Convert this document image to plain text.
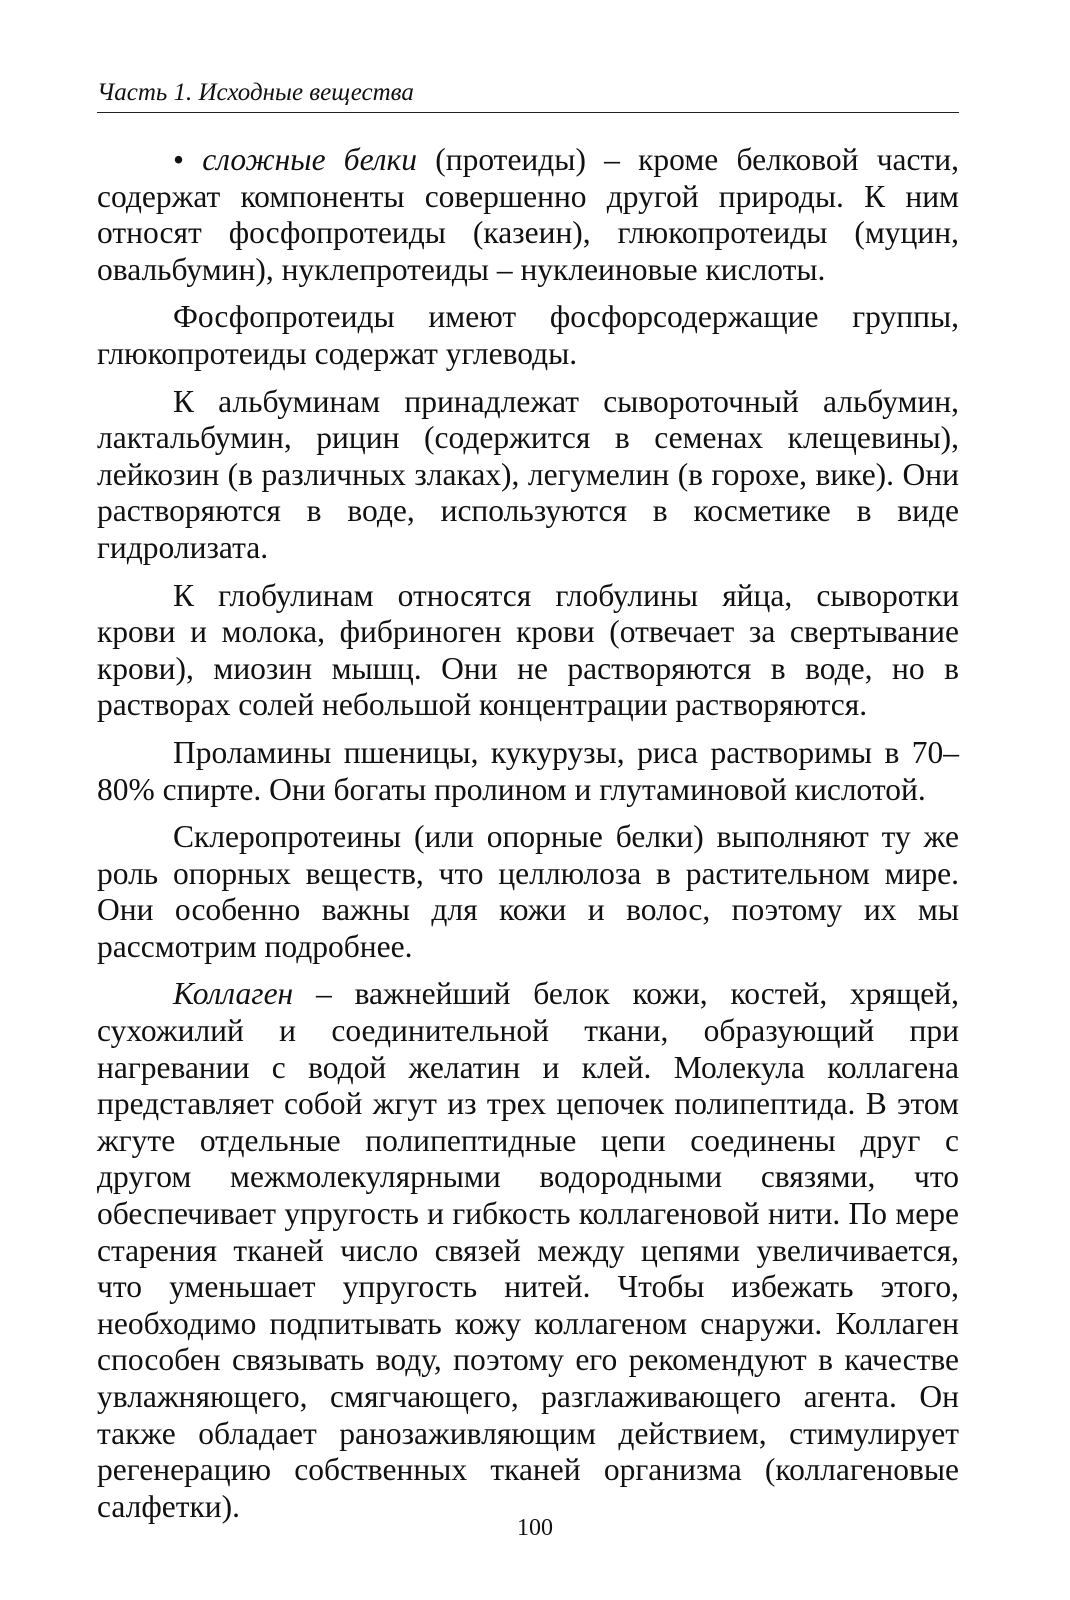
Часть 1. Исходные вещества

• сложные белки (протеиды) – кроме белковой части, содержат компоненты совершенно другой природы. К ним относят фосфопротеиды (казеин), глюкопротеиды (муцин, овальбумин), нуклепротеиды – нуклеиновые кислоты.

Фосфопротеиды имеют фосфорсодержащие группы, глюкопротеиды содержат углеводы.

К альбуминам принадлежат сывороточный альбумин, лактальбумин, рицин (содержится в семенах клещевины), лейкозин (в различных злаках), легумелин (в горохе, вике). Они растворяются в воде, используются в косметике в виде гидролизата.

К глобулинам относятся глобулины яйца, сыворотки крови и молока, фибриноген крови (отвечает за свертывание крови), миозин мышц. Они не растворяются в воде, но в растворах солей небольшой концентрации растворяются.

Проламины пшеницы, кукурузы, риса растворимы в 70–80% спирте. Они богаты пролином и глутаминовой кислотой.

Склеропротеины (или опорные белки) выполняют ту же роль опорных веществ, что целлюлоза в растительном мире. Они особенно важны для кожи и волос, поэтому их мы рассмотрим подробнее.

Коллаген – важнейший белок кожи, костей, хрящей, сухожилий и соединительной ткани, образующий при нагревании с водой желатин и клей. Молекула коллагена представляет собой жгут из трех цепочек полипептида. В этом жгуте отдельные полипептидные цепи соединены друг с другом межмолекулярными водородными связями, что обеспечивает упругость и гибкость коллагеновой нити. По мере старения тканей число связей между цепями увеличивается, что уменьшает упругость нитей. Чтобы избежать этого, необходимо подпитывать кожу коллагеном снаружи. Коллаген способен связывать воду, поэтому его рекомендуют в качестве увлажняющего, смягчающего, разглаживающего агента. Он также обладает ранозаживляющим действием, стимулирует регенерацию собственных тканей организма (коллагеновые салфетки).

100
